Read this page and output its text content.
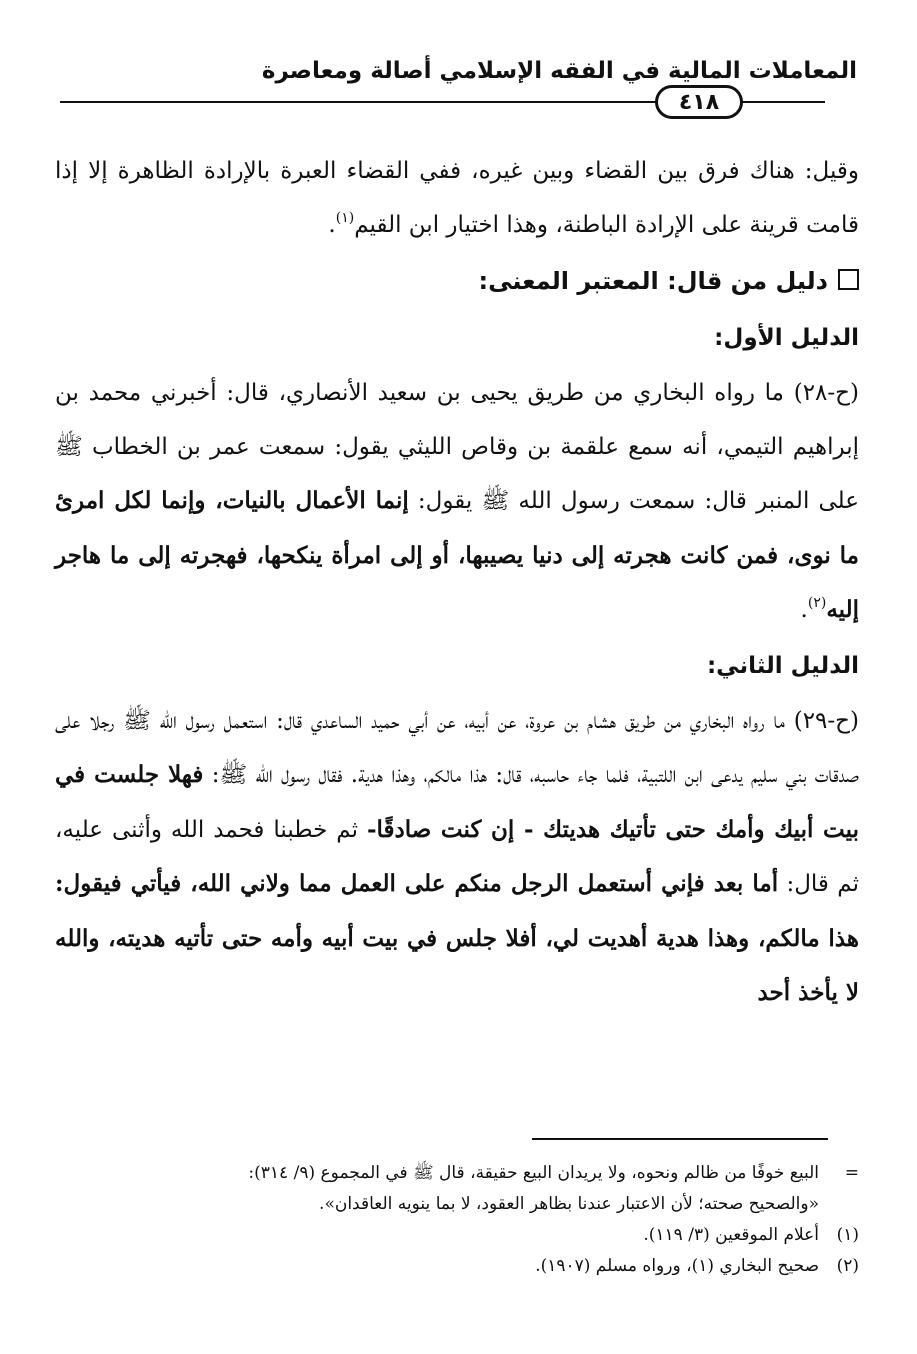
المعاملات المالية في الفقه الإسلامي أصالة ومعاصرة
٤١٨

وقيل: هناك فرق بين القضاء وبين غيره، ففي القضاء العبرة بالإرادة الظاهرة إلا إذا قامت قرينة على الإرادة الباطنة، وهذا اختيار ابن القيم$^{(١)}$.

دليل من قال: المعتبر المعنى:

الدليل الأول:

(ح-٢٨) ما رواه البخاري من طريق يحيى بن سعيد الأنصاري، قال: أخبرني محمد بن إبراهيم التيمي، أنه سمع علقمة بن وقاص الليثي يقول: سمعت عمر بن الخطاب ﷺ على المنبر قال: سمعت رسول الله ﷺ يقول: إنما الأعمال بالنيات، وإنما لكل امرئ ما نوى، فمن كانت هجرته إلى دنيا يصيبها، أو إلى امرأة ينكحها، فهجرته إلى ما هاجر إليه$^{(٢)}$.

الدليل الثاني:

(ح-٢٩) ما رواه البخاري من طريق هشام بن عروة، عن أبيه، عن أبي حميد الساعدي قال: استعمل رسول الله ﷺ رجلا على صدقات بني سليم يدعى ابن اللتبية، فلما جاء حاسبه، قال: هذا مالكم، وهذا هدية. فقال رسول الله ﷺ: فهلا جلست في بيت أبيك وأمك حتى تأتيك هديتك - إن كنت صادقًا- ثم خطبنا فحمد الله وأثنى عليه، ثم قال: أما بعد فإني أستعمل الرجل منكم على العمل مما ولاني الله، فيأتي فيقول: هذا مالكم، وهذا هدية أهديت لي، أفلا جلس في بيت أبيه وأمه حتى تأتيه هديته، والله لا يأخذ أحد

=البيع خوفًا من ظالم ونحوه، ولا يريدان البيع حقيقة، قال ﷺ في المجموع (٩/ ٣١٤):

«والصحيح صحته؛ لأن الاعتبار عندنا بظاهر العقود، لا بما ينويه العاقدان».

(١)أعلام الموقعين (٣/ ١١٩).

(٢)صحيح البخاري (١)، ورواه مسلم (١٩٠٧).
